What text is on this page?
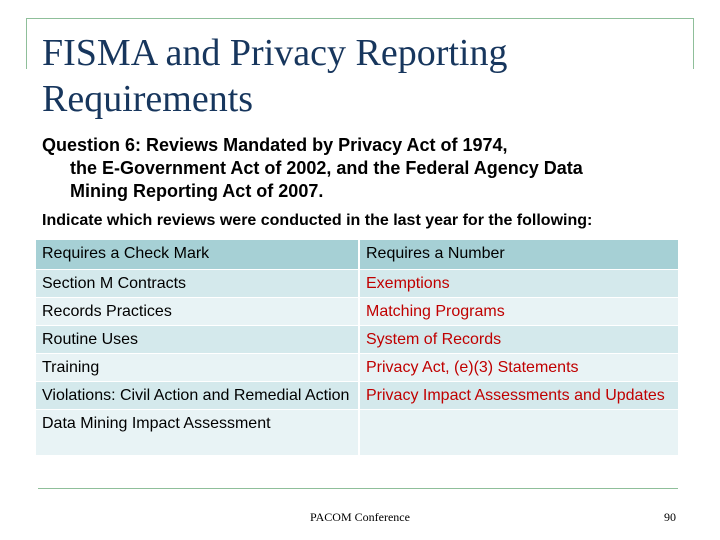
FISMA and Privacy Reporting Requirements
Question 6: Reviews Mandated by Privacy Act of 1974,
the E-Government Act of 2002, and the Federal Agency Data
Mining Reporting Act of 2007.
Indicate which reviews were conducted in the last year for the following:
Requires a Check Mark	Requires a Number
Section M Contracts	Exemptions
Records Practices	Matching Programs
Routine Uses	System of Records
Training	Privacy Act, (e)(3) Statements
Violations: Civil Action and Remedial Action	Privacy Impact Assessments and Updates
Data Mining Impact Assessment	
PACOM Conference	90
